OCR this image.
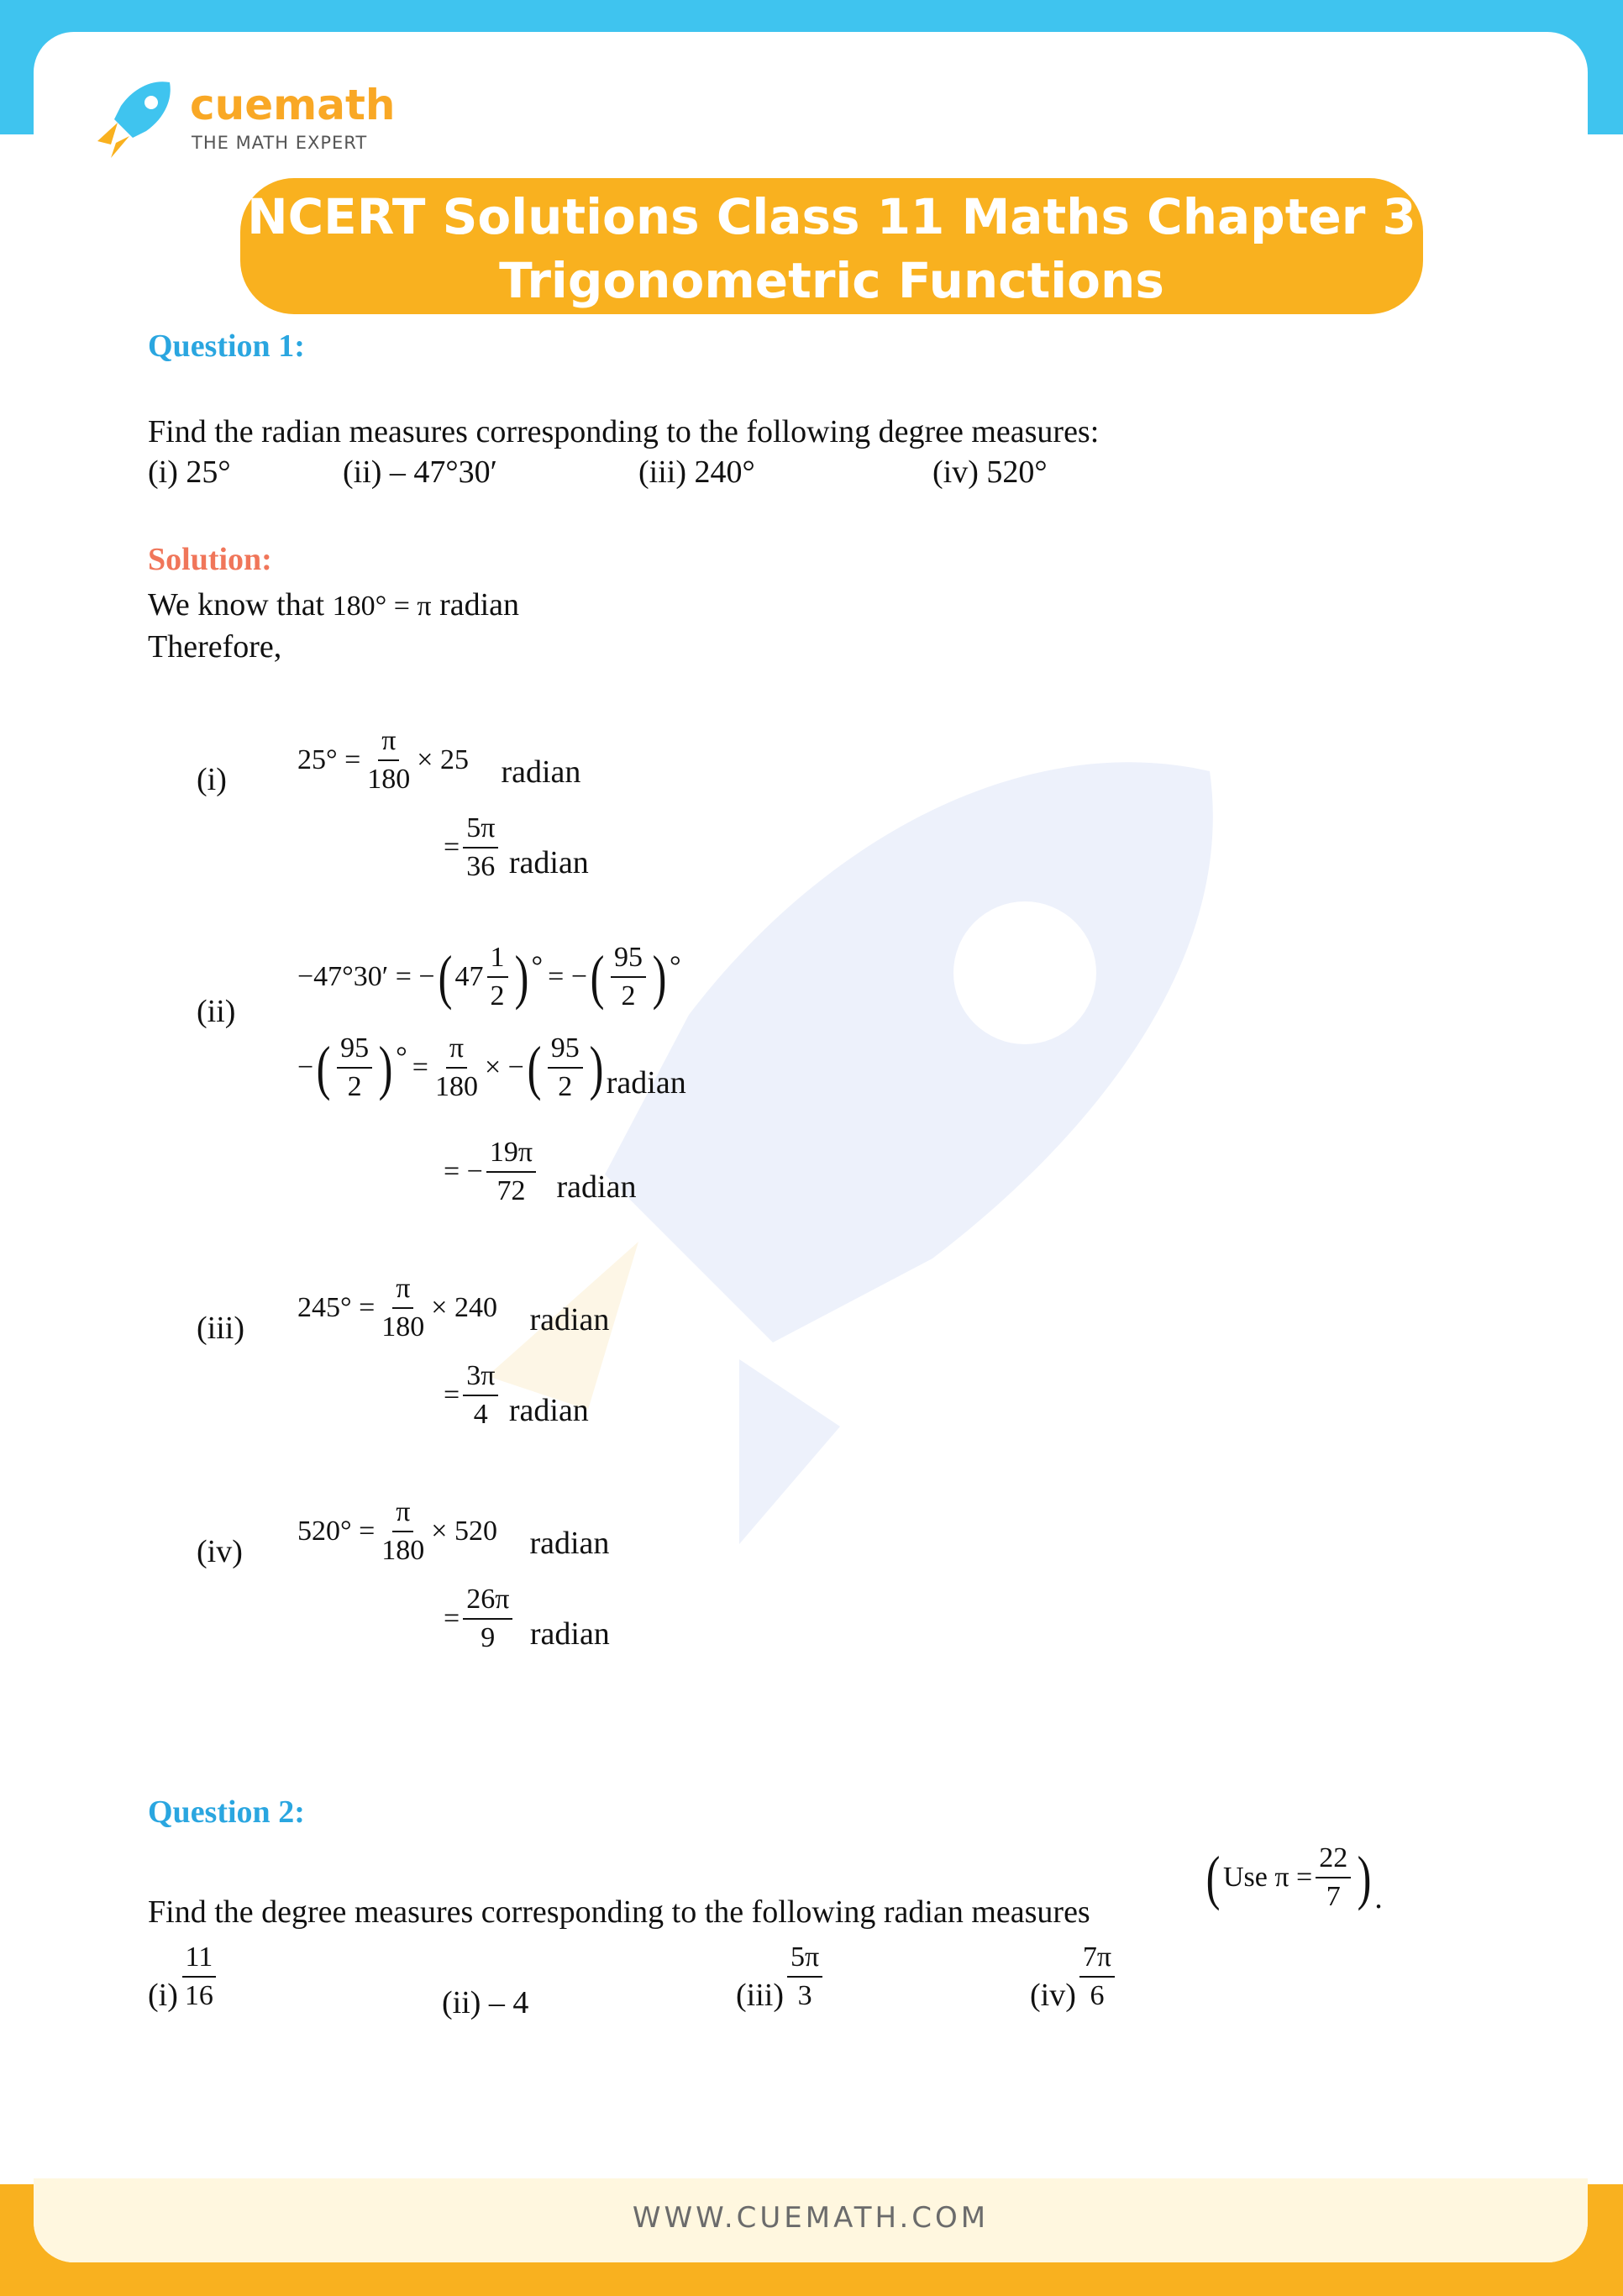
WWW.CUEMATH.COM
cuemath
THE MATH EXPERT
NCERT Solutions Class 11 Maths Chapter 3
Trigonometric Functions
Question 1:
Find the radian measures corresponding to the following degree measures:
(i) 25°	(ii) – 47°30′	(iii) 240°	(iv) 520°
Solution:
We know that 180° = π radian
Therefore,
(i)
$25^\circ = \frac{\pi}{180} \times 25$ radian
= $\frac{5\pi}{36}$ radian
(ii)
−47°30′ = −( $47 \frac{1}{2}$ ) ° = −( $\frac{95}{2}$ ) °
−( $\frac{95}{2}$ ) ° = $\frac{\pi}{180}$ × −( $\frac{95}{2}$ )radian
= − $\frac{19\pi}{72}$ radian
(iii)
$245^\circ = \frac{\pi}{180} \times 240$ radian
= $\frac{3\pi}{4}$ radian
(iv)
$520^\circ = \frac{\pi}{180} \times 520$ radian
= $\frac{26\pi}{9}$ radian
Question 2:
Find the degree measures corresponding to the following radian measures
( Use $\pi = \frac{22}{7}$ ).
$(i) \frac{11}{16}$	(ii) – 4	$(iii) \frac{5\pi}{3}$	$(iv) \frac{7\pi}{6}$
